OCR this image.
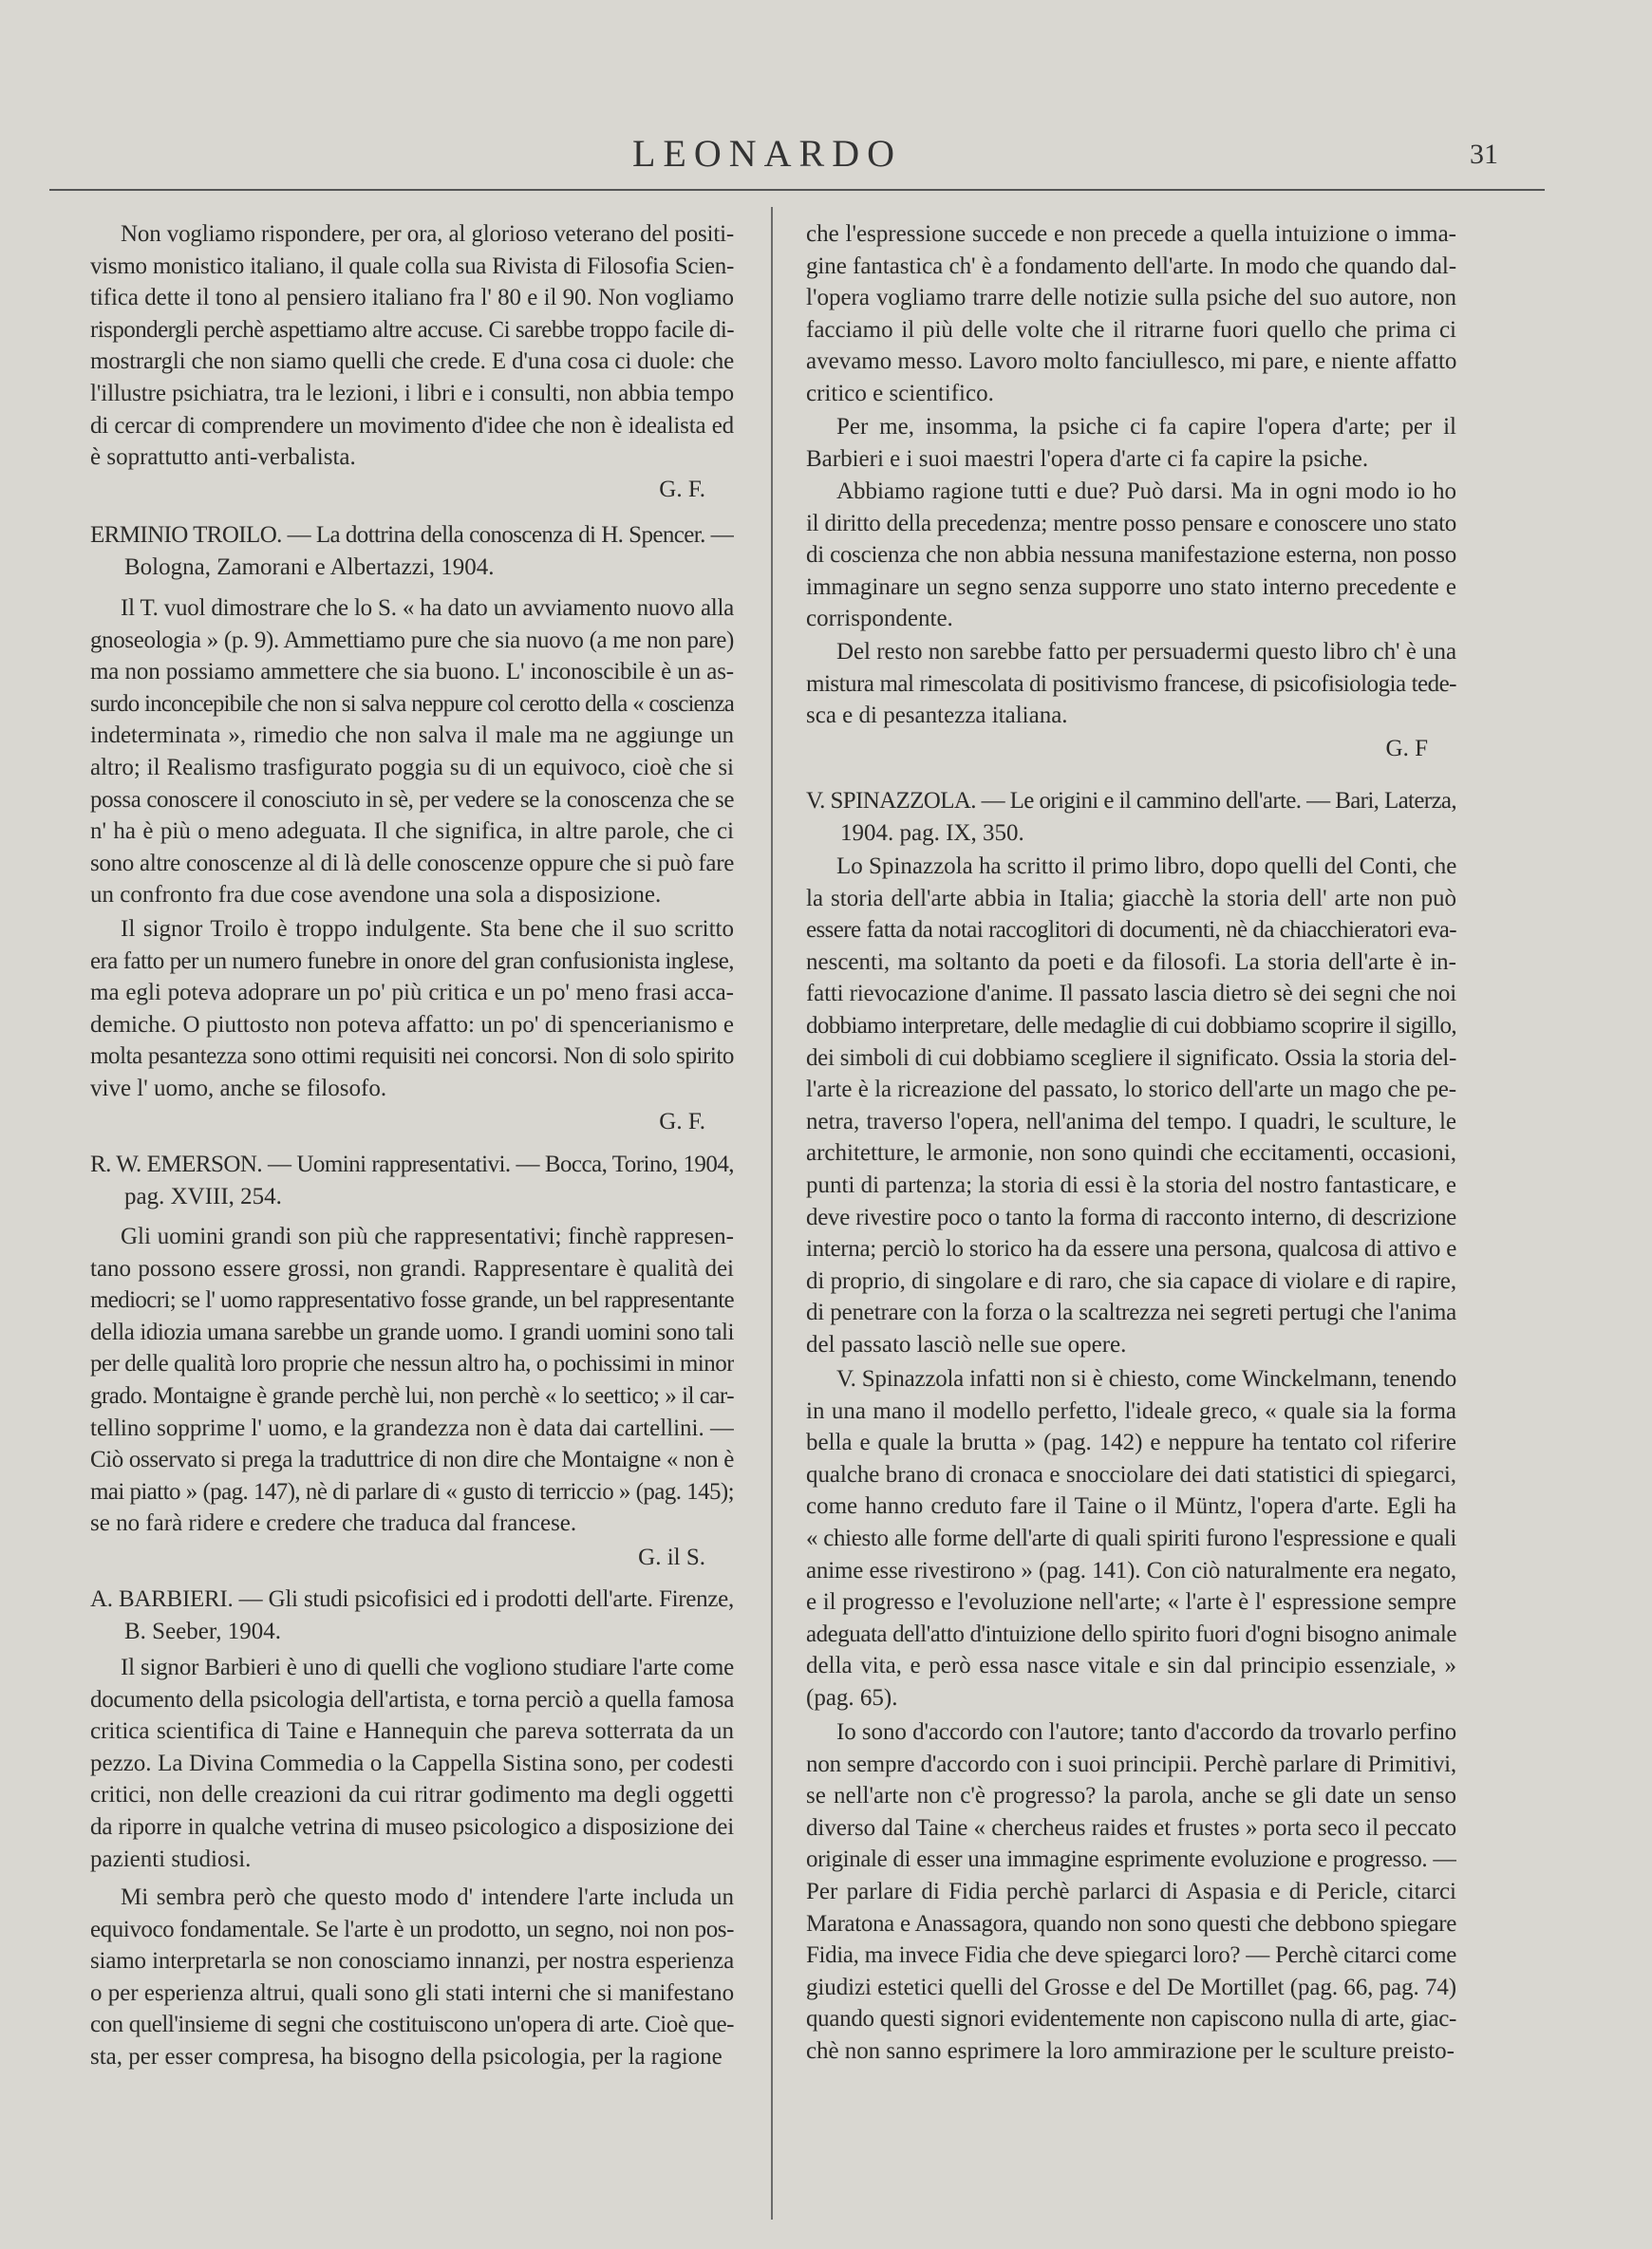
LEONARDO	31
Non vogliamo rispondere, per ora, al glorioso veterano del positi-
vismo monistico italiano, il quale colla sua Rivista di Filosofia Scien-
tifica dette il tono al pensiero italiano fra l' 80 e il 90. Non vogliamo
rispondergli perchè aspettiamo altre accuse. Ci sarebbe troppo facile di-
mostrargli che non siamo quelli che crede. E d'una cosa ci duole: che
l'illustre psichiatra, tra le lezioni, i libri e i consulti, non abbia tempo
di cercar di comprendere un movimento d'idee che non è idealista ed
è soprattutto anti-verbalista.
G. F.
ERMINIO TROILO. — La dottrina della conoscenza di H. Spencer. —
Bologna, Zamorani e Albertazzi, 1904.
Il T. vuol dimostrare che lo S. « ha dato un avviamento nuovo alla
gnoseologia » (p. 9). Ammettiamo pure che sia nuovo (a me non pare)
ma non possiamo ammettere che sia buono. L' inconoscibile è un as-
surdo inconcepibile che non si salva neppure col cerotto della « coscienza
indeterminata », rimedio che non salva il male ma ne aggiunge un
altro; il Realismo trasfigurato poggia su di un equivoco, cioè che si
possa conoscere il conosciuto in sè, per vedere se la conoscenza che se
n' ha è più o meno adeguata. Il che significa, in altre parole, che ci
sono altre conoscenze al di là delle conoscenze oppure che si può fare
un confronto fra due cose avendone una sola a disposizione.
Il signor Troilo è troppo indulgente. Sta bene che il suo scritto
era fatto per un numero funebre in onore del gran confusionista inglese,
ma egli poteva adoprare un po' più critica e un po' meno frasi acca-
demiche. O piuttosto non poteva affatto: un po' di spencerianismo e
molta pesantezza sono ottimi requisiti nei concorsi. Non di solo spirito
vive l' uomo, anche se filosofo.
G. F.
R. W. EMERSON. — Uomini rappresentativi. — Bocca, Torino, 1904,
pag. XVIII, 254.
Gli uomini grandi son più che rappresentativi; finchè rappresen-
tano possono essere grossi, non grandi. Rappresentare è qualità dei
mediocri; se l' uomo rappresentativo fosse grande, un bel rappresentante
della idiozia umana sarebbe un grande uomo. I grandi uomini sono tali
per delle qualità loro proprie che nessun altro ha, o pochissimi in minor
grado. Montaigne è grande perchè lui, non perchè « lo seettico; » il car-
tellino sopprime l' uomo, e la grandezza non è data dai cartellini. —
Ciò osservato si prega la traduttrice di non dire che Montaigne « non è
mai piatto » (pag. 147), nè di parlare di « gusto di terriccio » (pag. 145);
se no farà ridere e credere che traduca dal francese.
G. il S.
A. BARBIERI. — Gli studi psicofisici ed i prodotti dell'arte. Firenze,
B. Seeber, 1904.
Il signor Barbieri è uno di quelli che vogliono studiare l'arte come
documento della psicologia dell'artista, e torna perciò a quella famosa
critica scientifica di Taine e Hannequin che pareva sotterrata da un
pezzo. La Divina Commedia o la Cappella Sistina sono, per codesti
critici, non delle creazioni da cui ritrar godimento ma degli oggetti
da riporre in qualche vetrina di museo psicologico a disposizione dei
pazienti studiosi.
Mi sembra però che questo modo d' intendere l'arte includa un
equivoco fondamentale. Se l'arte è un prodotto, un segno, noi non pos-
siamo interpretarla se non conosciamo innanzi, per nostra esperienza
o per esperienza altrui, quali sono gli stati interni che si manifestano
con quell'insieme di segni che costituiscono un'opera di arte. Cioè que-
sta, per esser compresa, ha bisogno della psicologia, per la ragione
che l'espressione succede e non precede a quella intuizione o imma-
gine fantastica ch' è a fondamento dell'arte. In modo che quando dal-
l'opera vogliamo trarre delle notizie sulla psiche del suo autore, non
facciamo il più delle volte che il ritrarne fuori quello che prima ci
avevamo messo. Lavoro molto fanciullesco, mi pare, e niente affatto
critico e scientifico.
Per me, insomma, la psiche ci fa capire l'opera d'arte; per il
Barbieri e i suoi maestri l'opera d'arte ci fa capire la psiche.
Abbiamo ragione tutti e due? Può darsi. Ma in ogni modo io ho
il diritto della precedenza; mentre posso pensare e conoscere uno stato
di coscienza che non abbia nessuna manifestazione esterna, non posso
immaginare un segno senza supporre uno stato interno precedente e
corrispondente.
Del resto non sarebbe fatto per persuadermi questo libro ch' è una
mistura mal rimescolata di positivismo francese, di psicofisiologia tede-
sca e di pesantezza italiana.
G. F
V. SPINAZZOLA. — Le origini e il cammino dell'arte. — Bari, Laterza,
1904. pag. IX, 350.
Lo Spinazzola ha scritto il primo libro, dopo quelli del Conti, che
la storia dell'arte abbia in Italia; giacchè la storia dell' arte non può
essere fatta da notai raccoglitori di documenti, nè da chiacchieratori eva-
nescenti, ma soltanto da poeti e da filosofi. La storia dell'arte è in-
fatti rievocazione d'anime. Il passato lascia dietro sè dei segni che noi
dobbiamo interpretare, delle medaglie di cui dobbiamo scoprire il sigillo,
dei simboli di cui dobbiamo scegliere il significato. Ossia la storia del-
l'arte è la ricreazione del passato, lo storico dell'arte un mago che pe-
netra, traverso l'opera, nell'anima del tempo. I quadri, le sculture, le
architetture, le armonie, non sono quindi che eccitamenti, occasioni,
punti di partenza; la storia di essi è la storia del nostro fantasticare, e
deve rivestire poco o tanto la forma di racconto interno, di descrizione
interna; perciò lo storico ha da essere una persona, qualcosa di attivo e
di proprio, di singolare e di raro, che sia capace di violare e di rapire,
di penetrare con la forza o la scaltrezza nei segreti pertugi che l'anima
del passato lasciò nelle sue opere.
V. Spinazzola infatti non si è chiesto, come Winckelmann, tenendo
in una mano il modello perfetto, l'ideale greco, « quale sia la forma
bella e quale la brutta » (pag. 142) e neppure ha tentato col riferire
qualche brano di cronaca e snocciolare dei dati statistici di spiegarci,
come hanno creduto fare il Taine o il Müntz, l'opera d'arte. Egli ha
« chiesto alle forme dell'arte di quali spiriti furono l'espressione e quali
anime esse rivestirono » (pag. 141). Con ciò naturalmente era negato,
e il progresso e l'evoluzione nell'arte; « l'arte è l' espressione sempre
adeguata dell'atto d'intuizione dello spirito fuori d'ogni bisogno animale
della vita, e però essa nasce vitale e sin dal principio essenziale, »
(pag. 65).
Io sono d'accordo con l'autore; tanto d'accordo da trovarlo perfino
non sempre d'accordo con i suoi principii. Perchè parlare di Primitivi,
se nell'arte non c'è progresso? la parola, anche se gli date un senso
diverso dal Taine « chercheus raides et frustes » porta seco il peccato
originale di esser una immagine esprimente evoluzione e progresso. —
Per parlare di Fidia perchè parlarci di Aspasia e di Pericle, citarci
Maratona e Anassagora, quando non sono questi che debbono spiegare
Fidia, ma invece Fidia che deve spiegarci loro? — Perchè citarci come
giudizi estetici quelli del Grosse e del De Mortillet (pag. 66, pag. 74)
quando questi signori evidentemente non capiscono nulla di arte, giac-
chè non sanno esprimere la loro ammirazione per le sculture preisto-
